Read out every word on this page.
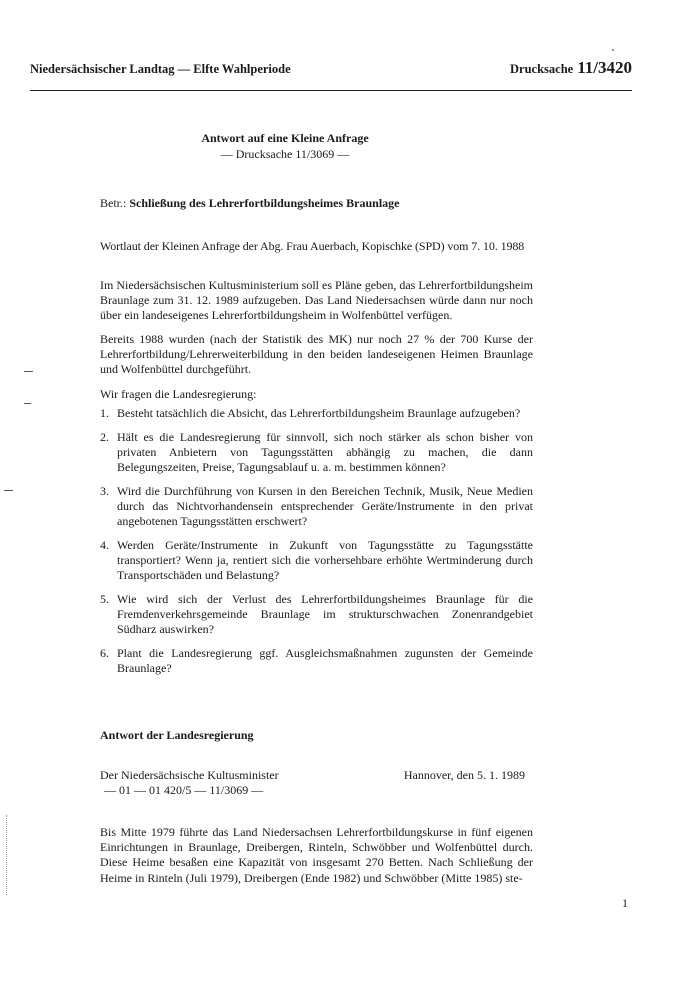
Niedersächsischer Landtag — Elfte Wahlperiode	Drucksache 11/3420
Antwort auf eine Kleine Anfrage
— Drucksache 11/3069 —
Betr.: Schließung des Lehrerfortbildungsheimes Braunlage
Wortlaut der Kleinen Anfrage der Abg. Frau Auerbach, Kopischke (SPD) vom 7. 10. 1988
Im Niedersächsischen Kultusministerium soll es Pläne geben, das Lehrerfortbildungsheim Braunlage zum 31. 12. 1989 aufzugeben. Das Land Niedersachsen würde dann nur noch über ein landeseigenes Lehrerfortbildungsheim in Wolfenbüttel verfügen.
Bereits 1988 wurden (nach der Statistik des MK) nur noch 27 % der 700 Kurse der Lehrerfortbildung/Lehrerweiterbildung in den beiden landeseigenen Heimen Braunlage und Wolfenbüttel durchgeführt.
Wir fragen die Landesregierung:
1. Besteht tatsächlich die Absicht, das Lehrerfortbildungsheim Braunlage aufzugeben?
2. Hält es die Landesregierung für sinnvoll, sich noch stärker als schon bisher von privaten Anbietern von Tagungsstätten abhängig zu machen, die dann Belegungszeiten, Preise, Tagungsablauf u. a. m. bestimmen können?
3. Wird die Durchführung von Kursen in den Bereichen Technik, Musik, Neue Medien durch das Nichtvorhandensein entsprechender Geräte/Instrumente in den privat angebotenen Tagungsstätten erschwert?
4. Werden Geräte/Instrumente in Zukunft von Tagungsstätte zu Tagungsstätte transportiert? Wenn ja, rentiert sich die vorhersehbare erhöhte Wertminderung durch Transportschäden und Belastung?
5. Wie wird sich der Verlust des Lehrerfortbildungsheimes Braunlage für die Fremdenverkehrsgemeinde Braunlage im strukturschwachen Zonenrandgebiet Südharz auswirken?
6. Plant die Landesregierung ggf. Ausgleichsmaßnahmen zugunsten der Gemeinde Braunlage?
Antwort der Landesregierung
Der Niedersächsische Kultusminister
— 01 — 01 420/5 — 11/3069 —
Hannover, den 5. 1. 1989
Bis Mitte 1979 führte das Land Niedersachsen Lehrerfortbildungskurse in fünf eigenen Einrichtungen in Braunlage, Dreibergen, Rinteln, Schwöbber und Wolfenbüttel durch. Diese Heime besaßen eine Kapazität von insgesamt 270 Betten. Nach Schließung der Heime in Rinteln (Juli 1979), Dreibergen (Ende 1982) und Schwöbber (Mitte 1985) ste-
1
